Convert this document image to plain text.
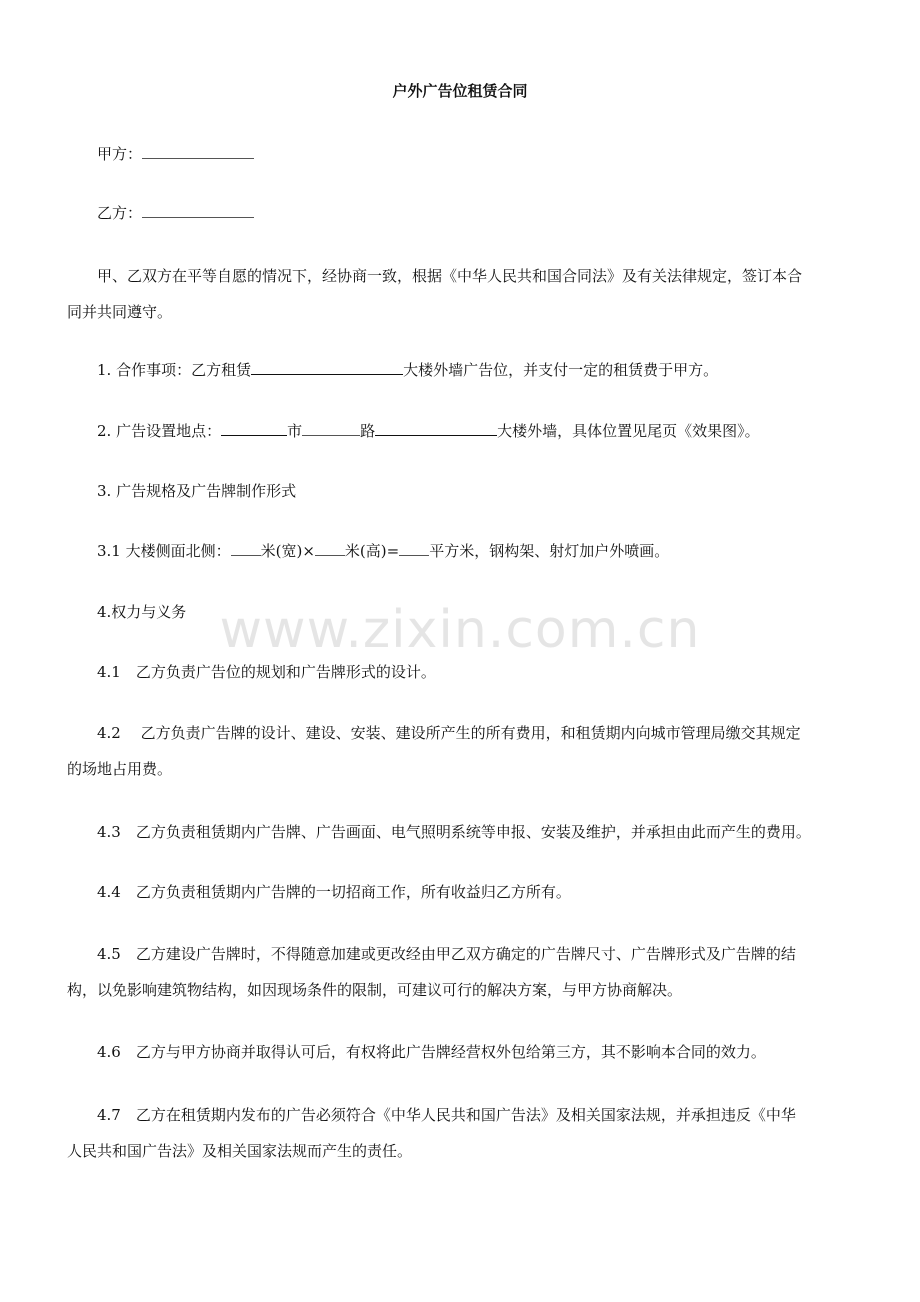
户外广告位租赁合同
甲方：
乙方：
甲、乙双方在平等自愿的情况下，经协商一致，根据《中华人民共和国合同法》及有关法律规定，签订本合
同并共同遵守。
1. 合作事项：乙方租赁	大楼外墙广告位，并支付一定的租赁费于甲方。
2. 广告设置地点：	市	路	大楼外墙，具体位置见尾页《效果图》。
3. 广告规格及广告牌制作形式
3.1 大楼侧面北侧： 米(宽)× 米(高)= 平方米，钢构架、射灯加户外喷画。
4.权力与义务
4.1　乙方负责广告位的规划和广告牌形式的设计。
4.2　 乙方负责广告牌的设计、建设、安装、建设所产生的所有费用，和租赁期内向城市管理局缴交其规定
的场地占用费。
4.3　乙方负责租赁期内广告牌、广告画面、电气照明系统等申报、安装及维护，并承担由此而产生的费用。
4.4　乙方负责租赁期内广告牌的一切招商工作，所有收益归乙方所有。
4.5　乙方建设广告牌时，不得随意加建或更改经由甲乙双方确定的广告牌尺寸、广告牌形式及广告牌的结
构，以免影响建筑物结构，如因现场条件的限制，可建议可行的解决方案，与甲方协商解决。
4.6　乙方与甲方协商并取得认可后，有权将此广告牌经营权外包给第三方，其不影响本合同的效力。
4.7　乙方在租赁期内发布的广告必须符合《中华人民共和国广告法》及相关国家法规，并承担违反《中华
人民共和国广告法》及相关国家法规而产生的责任。
www.zixin.com.cn
